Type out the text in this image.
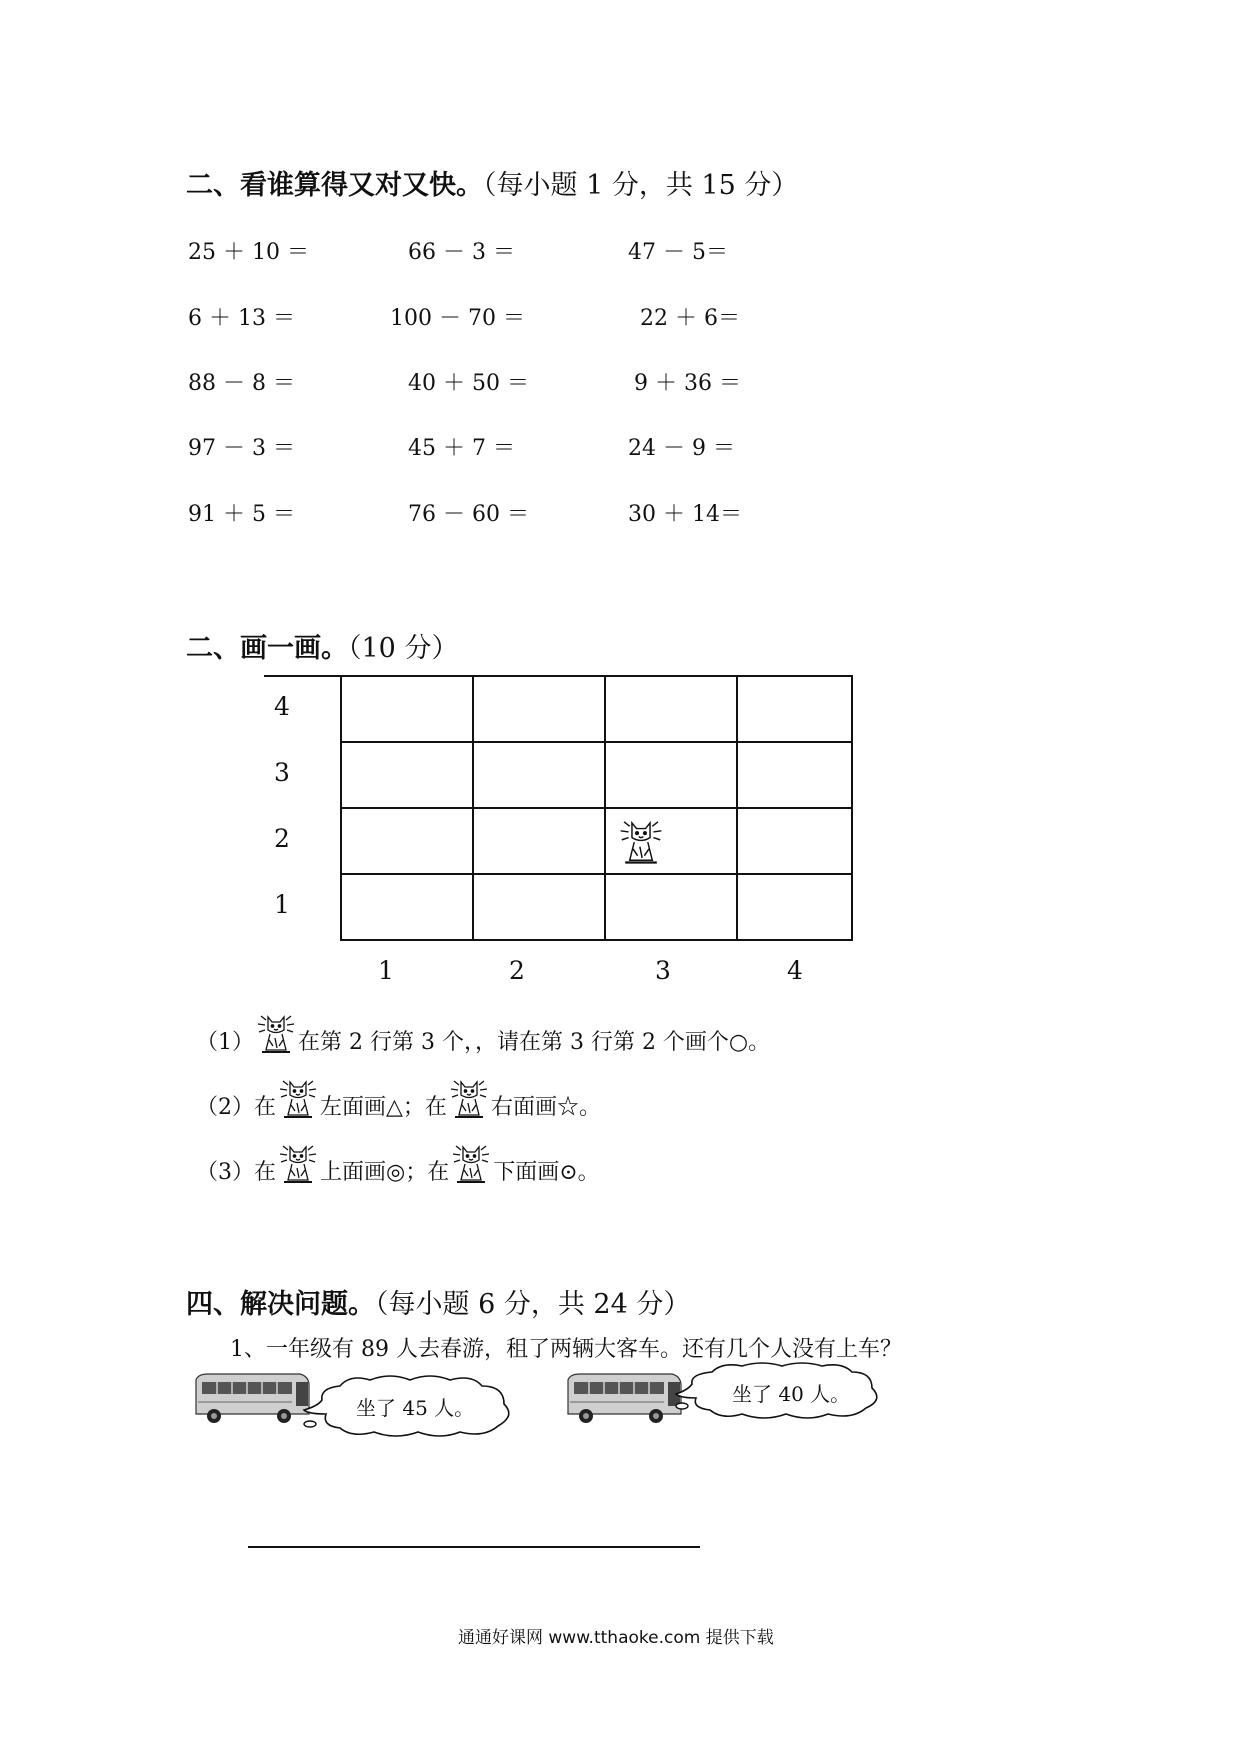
二、看谁算得又对又快。（每小题 1 分，共 15 分）
25 ＋ 10 ＝	66 － 3 ＝	47 － 5＝
6 ＋ 13 ＝	100 － 70 ＝	22 ＋ 6＝
88 － 8 ＝	40 ＋ 50 ＝	9 ＋ 36 ＝
97 － 3 ＝	45 ＋ 7 ＝	24 － 9 ＝
91 ＋ 5 ＝	76 － 60 ＝	30 ＋ 14＝
二、画一画。（10 分）
4
3
2
1

1	2	3	4
（1） 在第 2 行第 3 个，，请在第 3 行第 2 个画个○。
（2） 在 左面画△；在 右面画☆。
（3） 在 上面画◎；在 下面画⊙。
四、解决问题。（每小题 6 分，共 24 分）
1、一年级有 89 人去春游，租了两辆大客车。还有几个人没有上车？
坐了 45 人。
坐了 40 人。
通通好课网 www.tthaoke.com 提供下载
